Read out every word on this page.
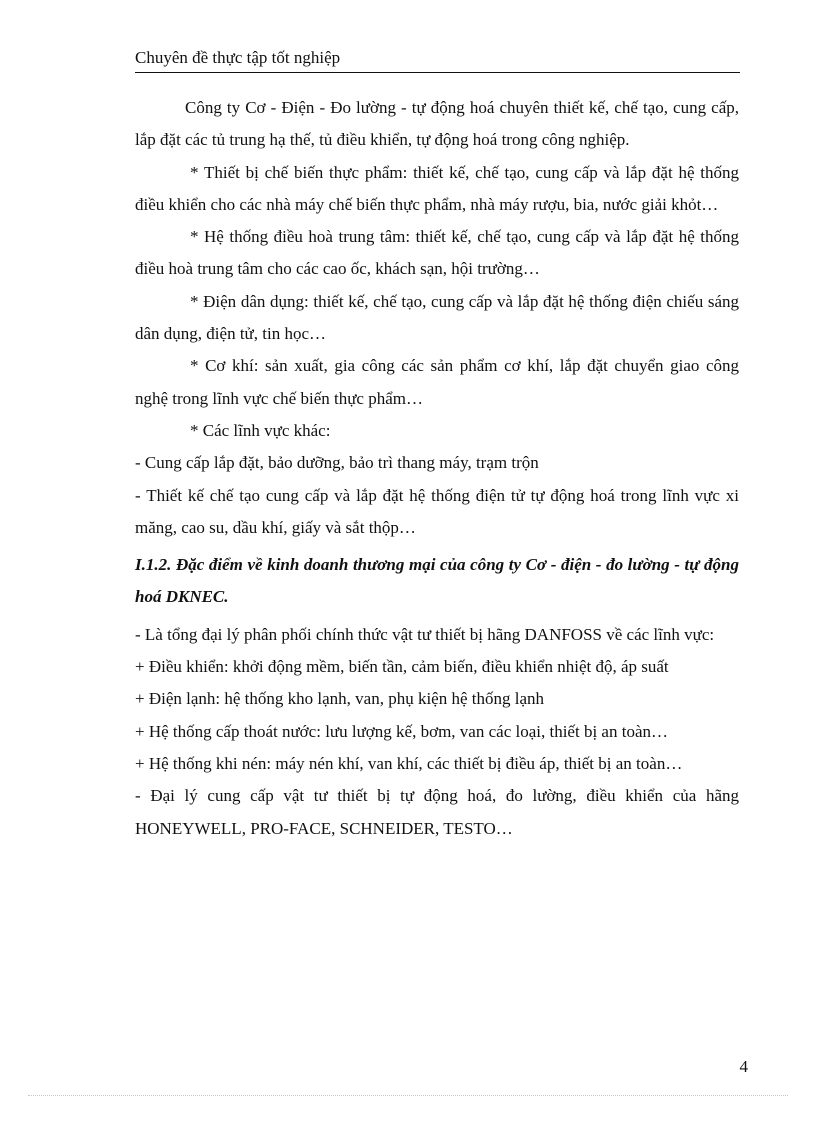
Chuyên đề thực tập tốt nghiệp

Công ty Cơ - Điện - Đo lường - tự động hoá chuyên thiết kế, chế tạo, cung cấp, lắp đặt các tủ trung hạ thế, tủ điều khiển, tự động hoá trong công nghiệp.

* Thiết bị chế biến thực phẩm: thiết kế, chế tạo, cung cấp và lắp đặt hệ thống điều khiển cho các nhà máy chế biến thực phẩm, nhà máy rượu, bia, nước giải khỏt…

* Hệ thống điều hoà trung tâm: thiết kế, chế tạo, cung cấp và lắp đặt hệ thống điều hoà trung tâm cho các cao ốc, khách sạn, hội trường…

* Điện dân dụng: thiết kế, chế tạo, cung cấp và lắp đặt hệ thống điện chiếu sáng dân dụng, điện tử, tin học…

* Cơ khí: sản xuất, gia công các sản phẩm cơ khí, lắp đặt chuyển giao công nghệ trong lĩnh vực chế biến thực phẩm…

* Các lĩnh vực khác:

- Cung cấp lắp đặt, bảo dưỡng, bảo trì thang máy, trạm trộn

- Thiết kế chế tạo cung cấp và lắp đặt hệ thống điện tử tự động hoá trong lĩnh vực xi măng, cao su, dầu khí, giấy và sắt thộp…

I.1.2. Đặc điểm về kinh doanh thương mại của công ty Cơ - điện - đo lường - tự động hoá DKNEC.

- Là tổng đại lý phân phối chính thức vật tư thiết bị hãng DANFOSS về các lĩnh vực:

+ Điều khiển: khởi động mềm, biến tần, cảm biến, điều khiển nhiệt độ, áp suất

+ Điện lạnh: hệ thống kho lạnh, van, phụ kiện hệ thống lạnh

+ Hệ thống cấp thoát nước: lưu lượng kế, bơm, van các loại, thiết bị an toàn…

+ Hệ thống khi nén: máy nén khí, van khí, các thiết bị điều áp, thiết bị an toàn…

- Đại lý cung cấp vật tư thiết bị tự động hoá, đo lường, điều khiển của hãng HONEYWELL, PRO-FACE, SCHNEIDER, TESTO…

4
